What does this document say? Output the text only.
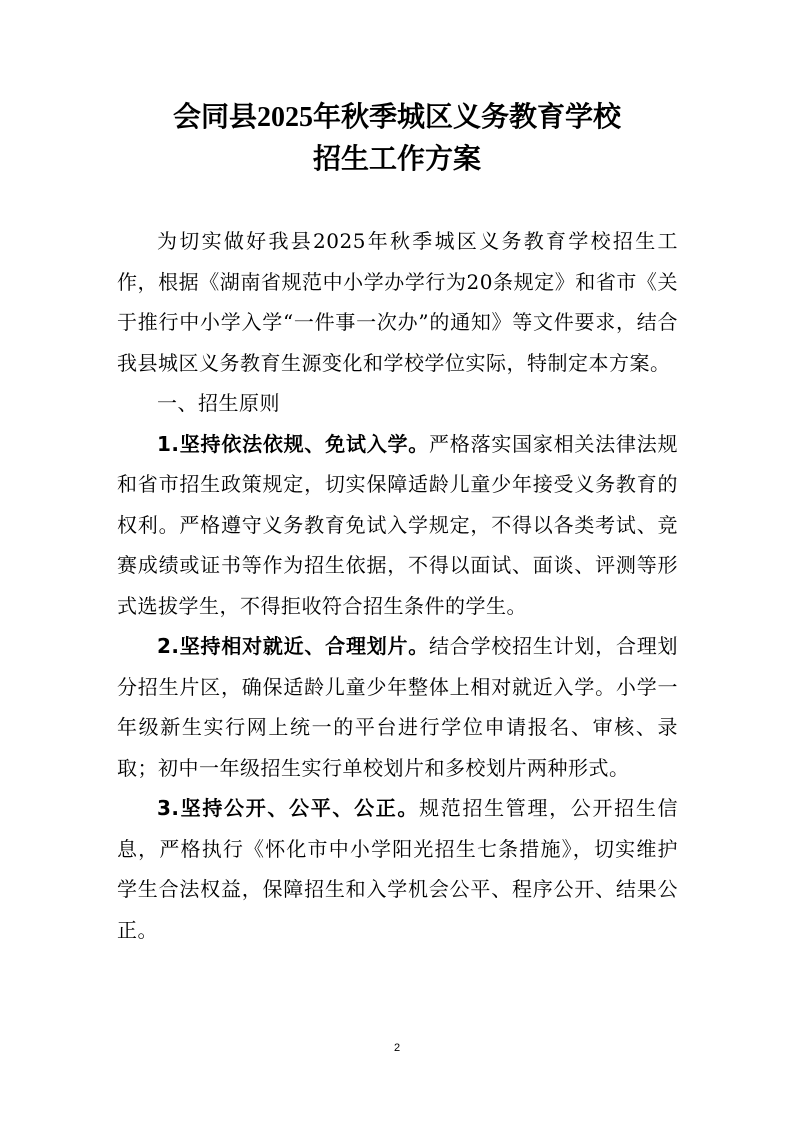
会同县2025年秋季城区义务教育学校
招生工作方案

为切实做好我县2025年秋季城区义务教育学校招生工作，根据《湖南省规范中小学办学行为20条规定》和省市《关于推行中小学入学“一件事一次办”的通知》等文件要求，结合我县城区义务教育生源变化和学校学位实际，特制定本方案。

一、招生原则

1.坚持依法依规、免试入学。严格落实国家相关法律法规和省市招生政策规定，切实保障适龄儿童少年接受义务教育的权利。严格遵守义务教育免试入学规定，不得以各类考试、竞赛成绩或证书等作为招生依据，不得以面试、面谈、评测等形式选拔学生，不得拒收符合招生条件的学生。

2.坚持相对就近、合理划片。结合学校招生计划，合理划分招生片区，确保适龄儿童少年整体上相对就近入学。小学一年级新生实行网上统一的平台进行学位申请报名、审核、录取；初中一年级招生实行单校划片和多校划片两种形式。

3.坚持公开、公平、公正。规范招生管理，公开招生信息，严格执行《怀化市中小学阳光招生七条措施》，切实维护学生合法权益，保障招生和入学机会公平、程序公开、结果公正。

2
